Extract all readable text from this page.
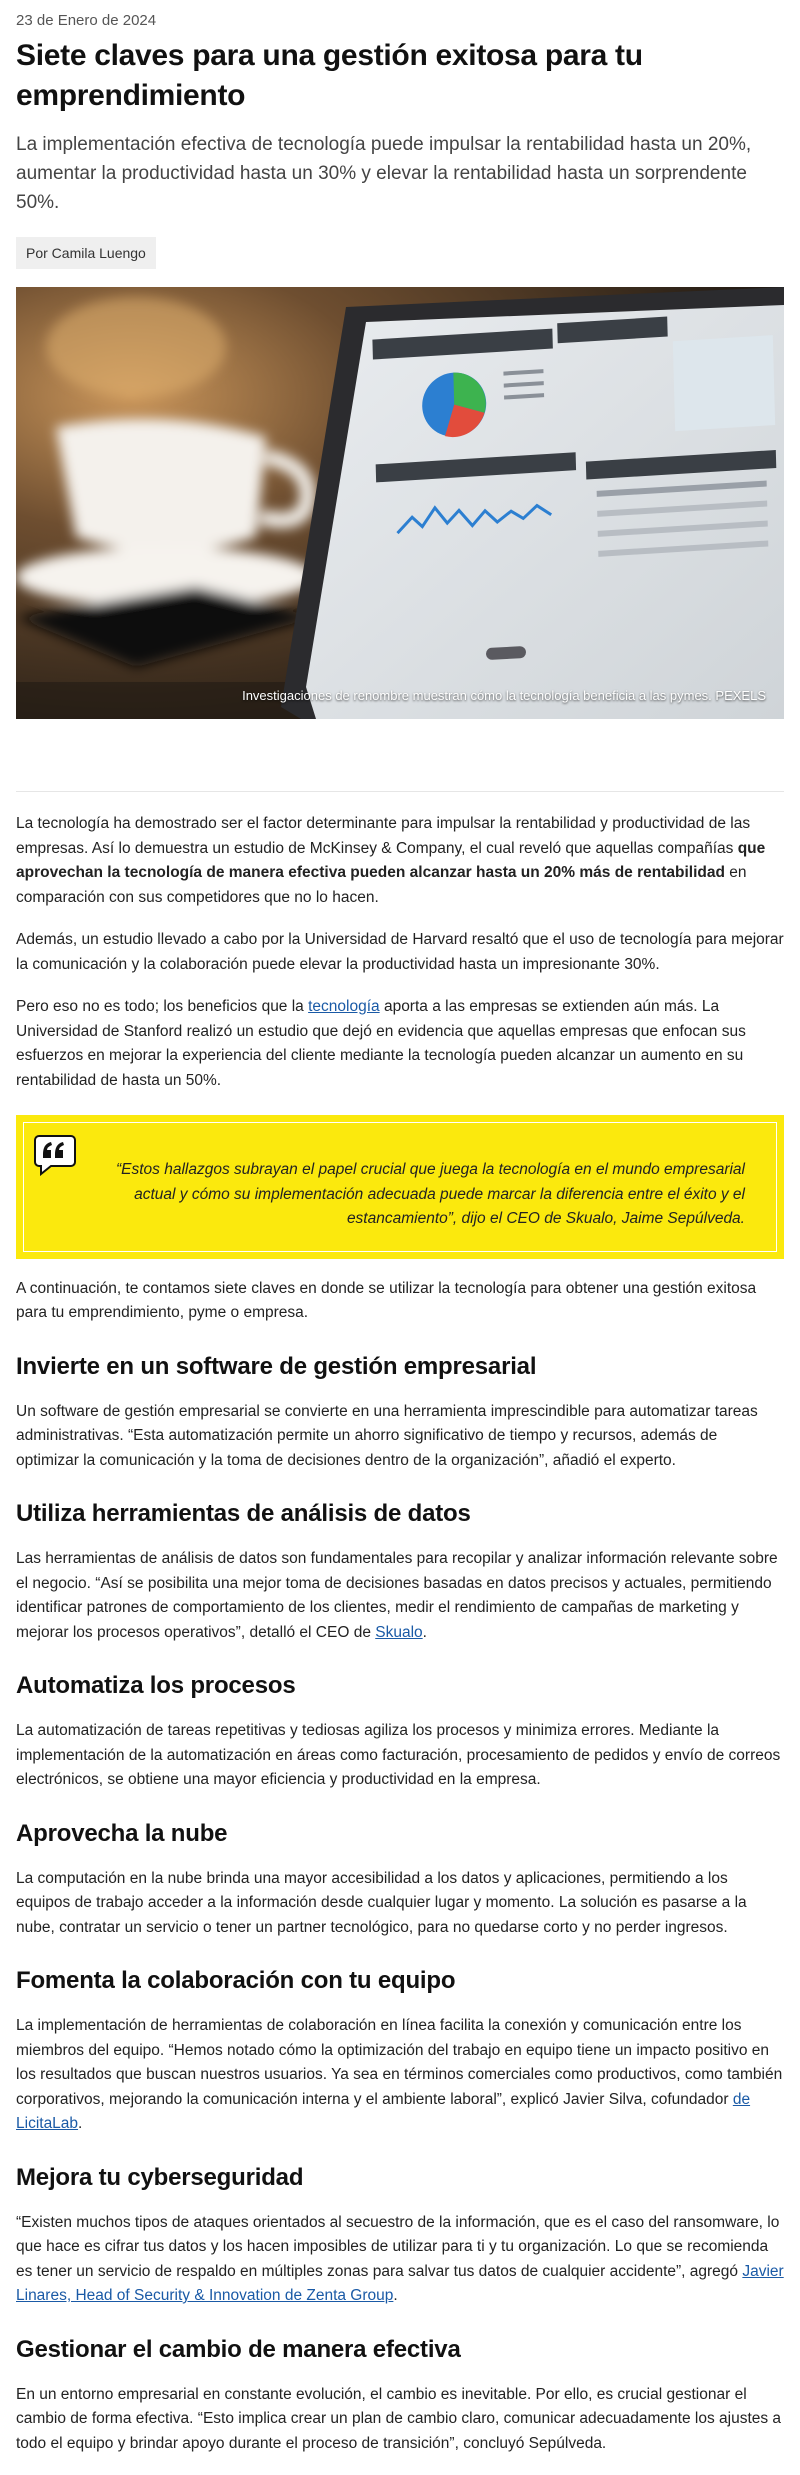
23 de Enero de 2024
Siete claves para una gestión exitosa para tu emprendimiento

La implementación efectiva de tecnología puede impulsar la rentabilidad hasta un 20%, aumentar la productividad hasta un 30% y elevar la rentabilidad hasta un sorprendente 50%.

Por Camila Luengo
Investigaciones de renombre muestran cómo la tecnología beneficia a las pymes. PEXELS

La tecnología ha demostrado ser el factor determinante para impulsar la rentabilidad y productividad de las empresas. Así lo demuestra un estudio de McKinsey & Company, el cual reveló que aquellas compañías que aprovechan la tecnología de manera efectiva pueden alcanzar hasta un 20% más de rentabilidad en comparación con sus competidores que no lo hacen.

Además, un estudio llevado a cabo por la Universidad de Harvard resaltó que el uso de tecnología para mejorar la comunicación y la colaboración puede elevar la productividad hasta un impresionante 30%.

Pero eso no es todo; los beneficios que la tecnología aporta a las empresas se extienden aún más. La Universidad de Stanford realizó un estudio que dejó en evidencia que aquellas empresas que enfocan sus esfuerzos en mejorar la experiencia del cliente mediante la tecnología pueden alcanzar un aumento en su rentabilidad de hasta un 50%.

“Estos hallazgos subrayan el papel crucial que juega la tecnología en el mundo empresarial actual y cómo su implementación adecuada puede marcar la diferencia entre el éxito y el estancamiento”, dijo el CEO de Skualo, Jaime Sepúlveda.

A continuación, te contamos siete claves en donde se utilizar la tecnología para obtener una gestión exitosa para tu emprendimiento, pyme o empresa.

Invierte en un software de gestión empresarial

Un software de gestión empresarial se convierte en una herramienta imprescindible para automatizar tareas administrativas. “Esta automatización permite un ahorro significativo de tiempo y recursos, además de optimizar la comunicación y la toma de decisiones dentro de la organización”, añadió el experto.

Utiliza herramientas de análisis de datos

Las herramientas de análisis de datos son fundamentales para recopilar y analizar información relevante sobre el negocio. “Así se posibilita una mejor toma de decisiones basadas en datos precisos y actuales, permitiendo identificar patrones de comportamiento de los clientes, medir el rendimiento de campañas de marketing y mejorar los procesos operativos”, detalló el CEO de Skualo.

Automatiza los procesos

La automatización de tareas repetitivas y tediosas agiliza los procesos y minimiza errores. Mediante la implementación de la automatización en áreas como facturación, procesamiento de pedidos y envío de correos electrónicos, se obtiene una mayor eficiencia y productividad en la empresa.

Aprovecha la nube

La computación en la nube brinda una mayor accesibilidad a los datos y aplicaciones, permitiendo a los equipos de trabajo acceder a la información desde cualquier lugar y momento. La solución es pasarse a la nube, contratar un servicio o tener un partner tecnológico, para no quedarse corto y no perder ingresos.

Fomenta la colaboración con tu equipo

La implementación de herramientas de colaboración en línea facilita la conexión y comunicación entre los miembros del equipo. “Hemos notado cómo la optimización del trabajo en equipo tiene un impacto positivo en los resultados que buscan nuestros usuarios. Ya sea en términos comerciales como productivos, como también corporativos, mejorando la comunicación interna y el ambiente laboral”, explicó Javier Silva, cofundador de LicitaLab.

Mejora tu cyberseguridad

“Existen muchos tipos de ataques orientados al secuestro de la información, que es el caso del ransomware, lo que hace es cifrar tus datos y los hacen imposibles de utilizar para ti y tu organización. Lo que se recomienda es tener un servicio de respaldo en múltiples zonas para salvar tus datos de cualquier accidente”, agregó Javier Linares, Head of Security & Innovation de Zenta Group.

Gestionar el cambio de manera efectiva

En un entorno empresarial en constante evolución, el cambio es inevitable. Por ello, es crucial gestionar el cambio de forma efectiva. “Esto implica crear un plan de cambio claro, comunicar adecuadamente los ajustes a todo el equipo y brindar apoyo durante el proceso de transición”, concluyó Sepúlveda.
